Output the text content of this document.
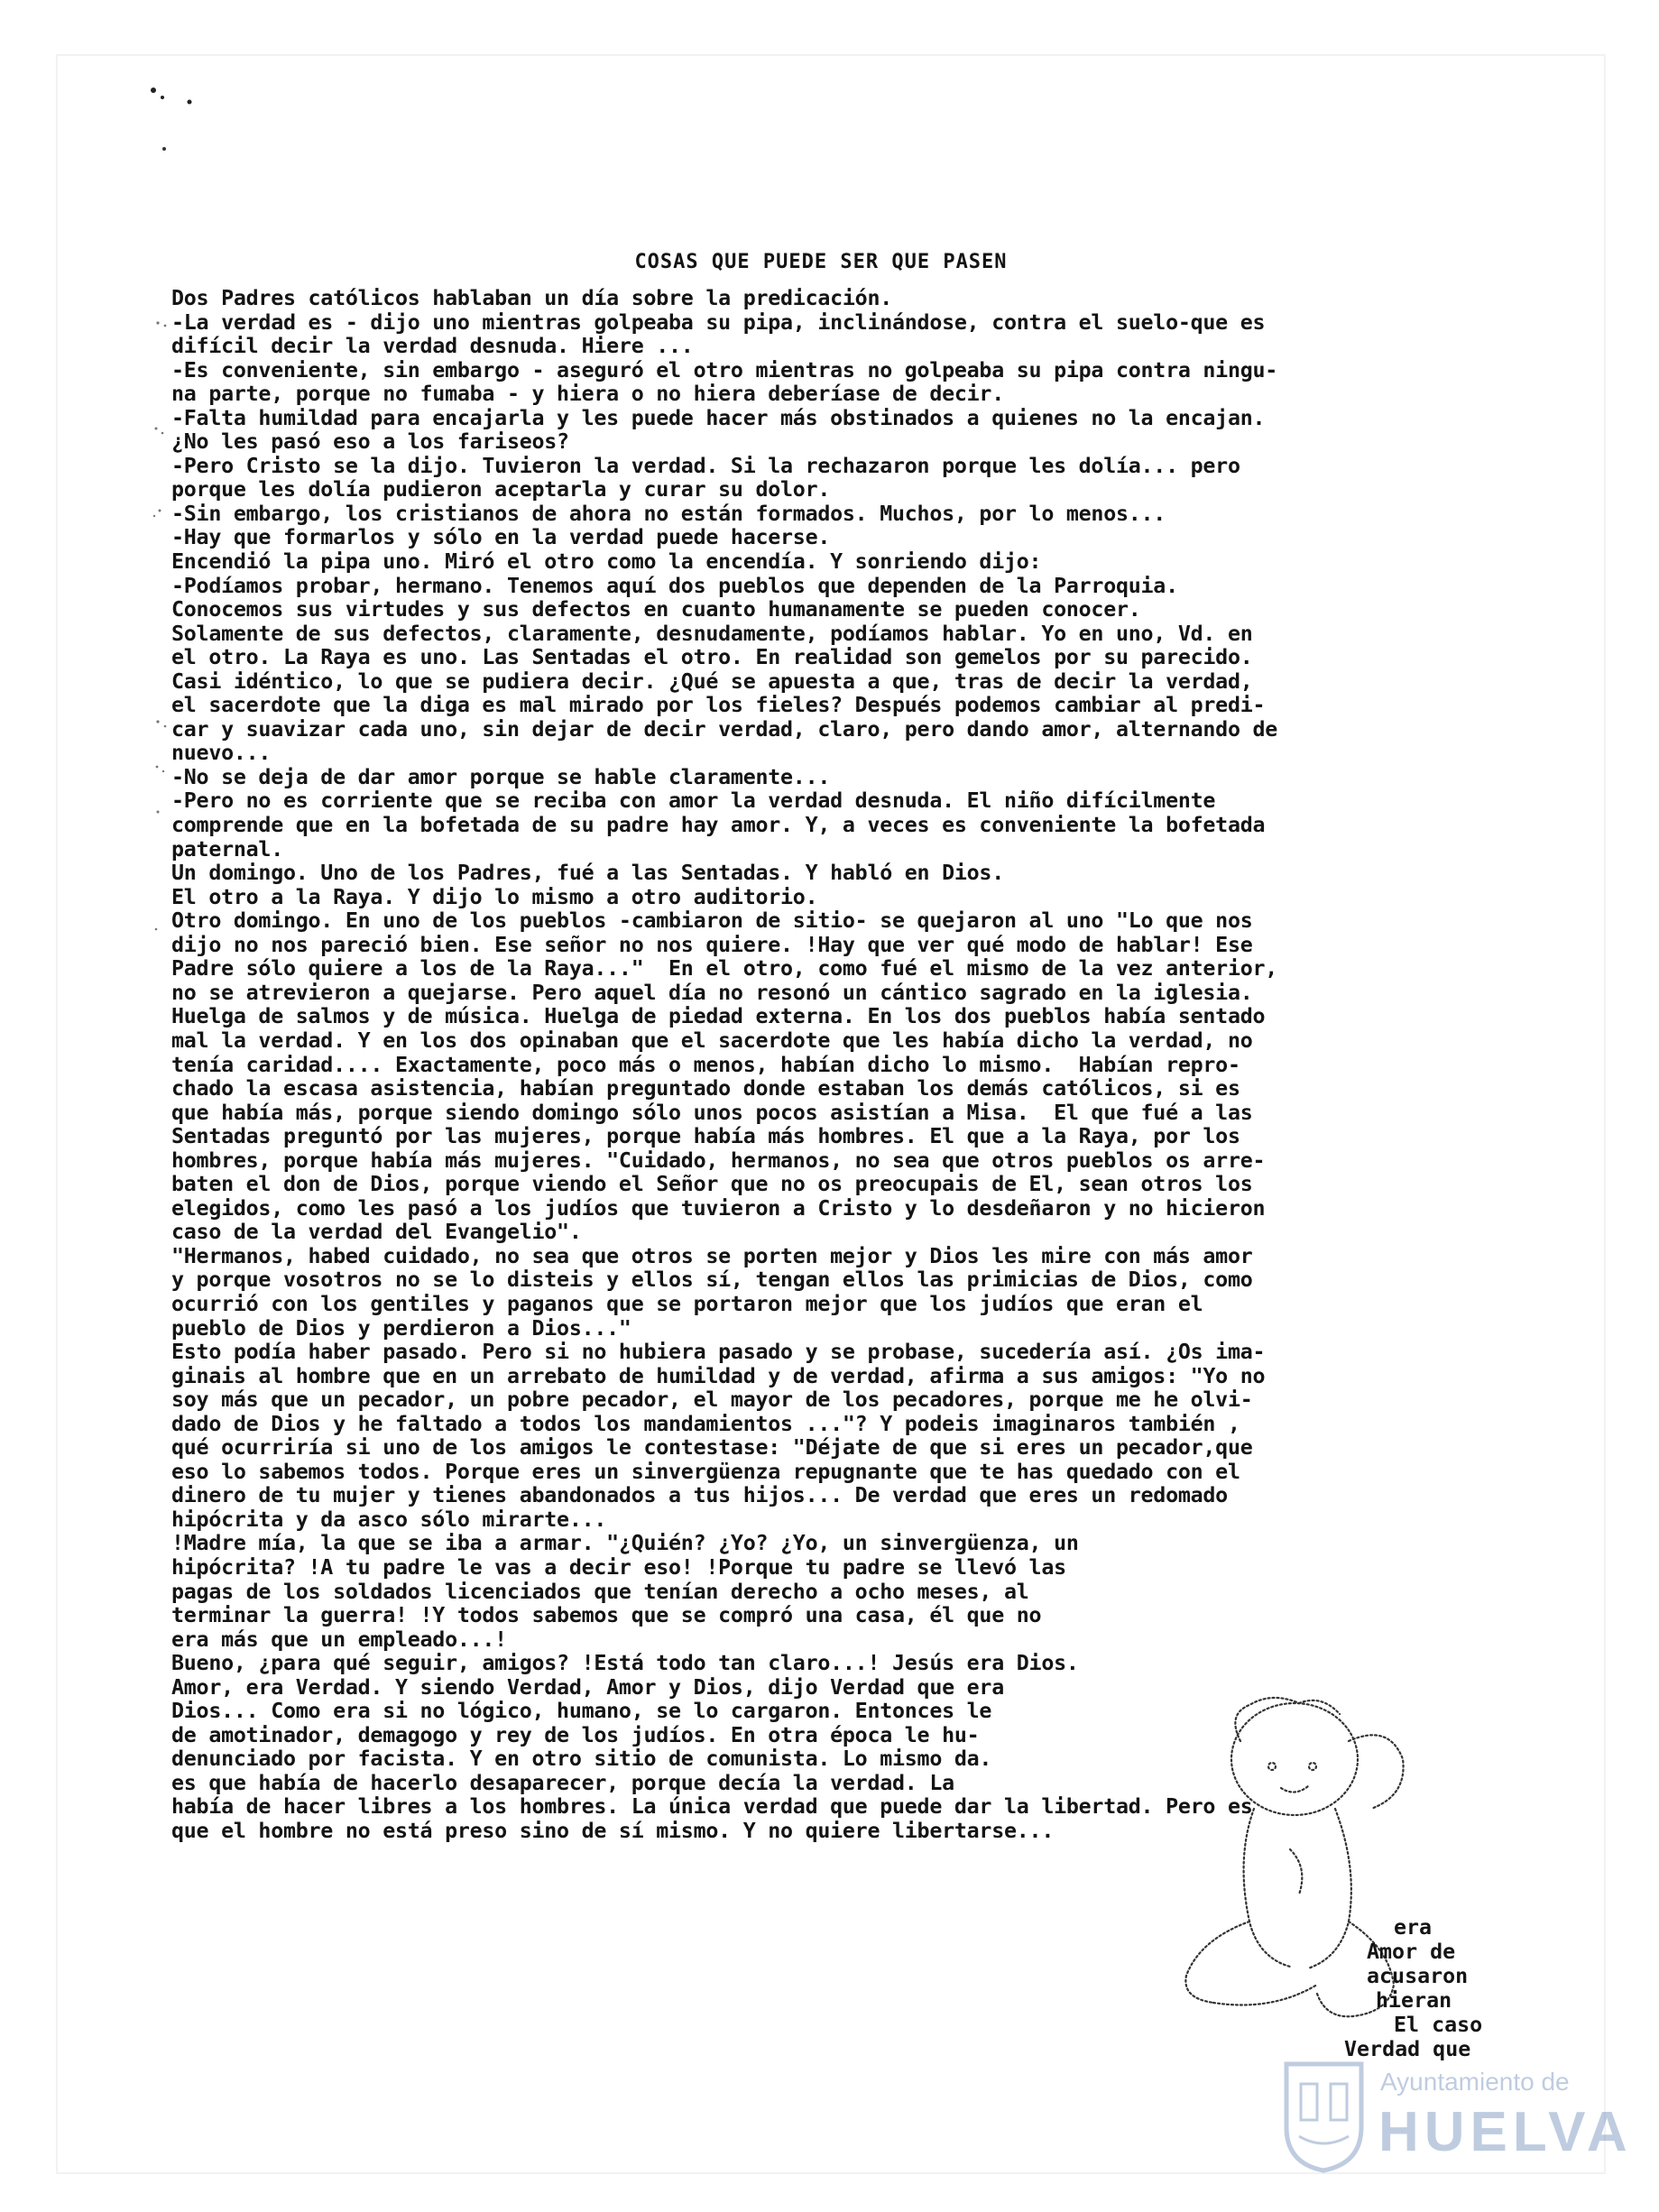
COSAS QUE PUEDE SER QUE PASEN
Dos Padres católicos hablaban un día sobre la predicación.
-La verdad es - dijo uno mientras golpeaba su pipa, inclinándose, contra el suelo-que es
difícil decir la verdad desnuda. Hiere ...
-Es conveniente, sin embargo - aseguró el otro mientras no golpeaba su pipa contra ningu-
na parte, porque no fumaba - y hiera o no hiera deberíase de decir.
-Falta humildad para encajarla y les puede hacer más obstinados a quienes no la encajan.
¿No les pasó eso a los fariseos?
-Pero Cristo se la dijo. Tuvieron la verdad. Si la rechazaron porque les dolía... pero
porque les dolía pudieron aceptarla y curar su dolor.
-Sin embargo, los cristianos de ahora no están formados. Muchos, por lo menos...
-Hay que formarlos y sólo en la verdad puede hacerse.
Encendió la pipa uno. Miró el otro como la encendía. Y sonriendo dijo:
-Podíamos probar, hermano. Tenemos aquí dos pueblos que dependen de la Parroquia.
Conocemos sus virtudes y sus defectos en cuanto humanamente se pueden conocer.
Solamente de sus defectos, claramente, desnudamente, podíamos hablar. Yo en uno, Vd. en
el otro. La Raya es uno. Las Sentadas el otro. En realidad son gemelos por su parecido.
Casi idéntico, lo que se pudiera decir. ¿Qué se apuesta a que, tras de decir la verdad,
el sacerdote que la diga es mal mirado por los fieles? Después podemos cambiar al predi-
car y suavizar cada uno, sin dejar de decir verdad, claro, pero dando amor, alternando de
nuevo...
-No se deja de dar amor porque se hable claramente...
-Pero no es corriente que se reciba con amor la verdad desnuda. El niño difícilmente
comprende que en la bofetada de su padre hay amor. Y, a veces es conveniente la bofetada
paternal.
Un domingo. Uno de los Padres, fué a las Sentadas. Y habló en Dios.
El otro a la Raya. Y dijo lo mismo a otro auditorio.
Otro domingo. En uno de los pueblos -cambiaron de sitio- se quejaron al uno "Lo que nos
dijo no nos pareció bien. Ese señor no nos quiere. !Hay que ver qué modo de hablar! Ese
Padre sólo quiere a los de la Raya..."  En el otro, como fué el mismo de la vez anterior,
no se atrevieron a quejarse. Pero aquel día no resonó un cántico sagrado en la iglesia.
Huelga de salmos y de música. Huelga de piedad externa. En los dos pueblos había sentado
mal la verdad. Y en los dos opinaban que el sacerdote que les había dicho la verdad, no
tenía caridad.... Exactamente, poco más o menos, habían dicho lo mismo.  Habían repro-
chado la escasa asistencia, habían preguntado donde estaban los demás católicos, si es
que había más, porque siendo domingo sólo unos pocos asistían a Misa.  El que fué a las
Sentadas preguntó por las mujeres, porque había más hombres. El que a la Raya, por los
hombres, porque había más mujeres. "Cuidado, hermanos, no sea que otros pueblos os arre-
baten el don de Dios, porque viendo el Señor que no os preocupais de El, sean otros los
elegidos, como les pasó a los judíos que tuvieron a Cristo y lo desdeñaron y no hicieron
caso de la verdad del Evangelio".
"Hermanos, habed cuidado, no sea que otros se porten mejor y Dios les mire con más amor
y porque vosotros no se lo disteis y ellos sí, tengan ellos las primicias de Dios, como
ocurrió con los gentiles y paganos que se portaron mejor que los judíos que eran el
pueblo de Dios y perdieron a Dios..."
Esto podía haber pasado. Pero si no hubiera pasado y se probase, sucedería así. ¿Os ima-
ginais al hombre que en un arrebato de humildad y de verdad, afirma a sus amigos: "Yo no
soy más que un pecador, un pobre pecador, el mayor de los pecadores, porque me he olvi-
dado de Dios y he faltado a todos los mandamientos ..."? Y podeis imaginaros también ,
qué ocurriría si uno de los amigos le contestase: "Déjate de que si eres un pecador,que
eso lo sabemos todos. Porque eres un sinvergüenza repugnante que te has quedado con el
dinero de tu mujer y tienes abandonados a tus hijos... De verdad que eres un redomado
hipócrita y da asco sólo mirarte...
!Madre mía, la que se iba a armar. "¿Quién? ¿Yo? ¿Yo, un sinvergüenza, un
hipócrita? !A tu padre le vas a decir eso! !Porque tu padre se llevó las
pagas de los soldados licenciados que tenían derecho a ocho meses, al
terminar la guerra! !Y todos sabemos que se compró una casa, él que no
era más que un empleado...!
Bueno, ¿para qué seguir, amigos? !Está todo tan claro...! Jesús era Dios.
Amor, era Verdad. Y siendo Verdad, Amor y Dios, dijo Verdad que era
Dios... Como era si no lógico, humano, se lo cargaron. Entonces le
de amotinador, demagogo y rey de los judíos. En otra época le hu-
denunciado por facista. Y en otro sitio de comunista. Lo mismo da.
es que había de hacerlo desaparecer, porque decía la verdad. La
había de hacer libres a los hombres. La única verdad que puede dar la libertad. Pero es
que el hombre no está preso sino de sí mismo. Y no quiere libertarse...
era
Amor de
acusaron
hieran
El caso
Verdad que
Ayuntamiento de
HUELVA
